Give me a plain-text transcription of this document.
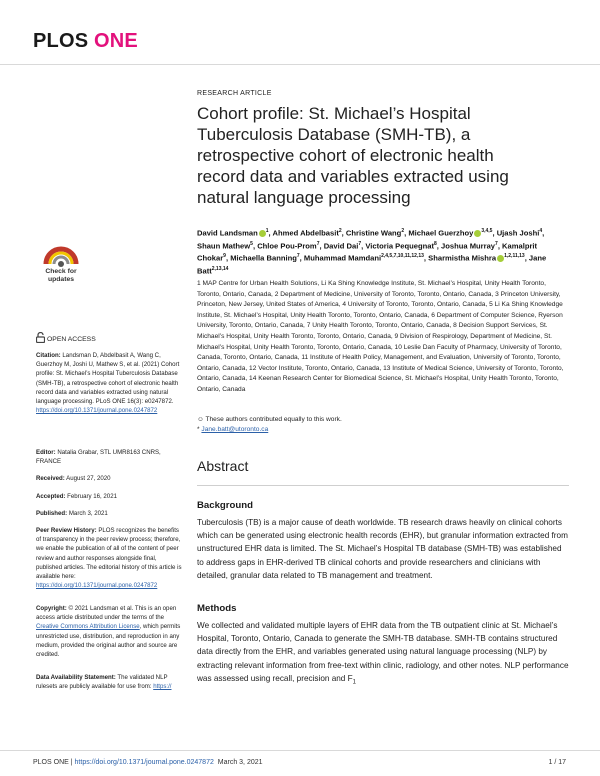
PLOS ONE
Check for
updates
OPEN ACCESS
Citation: Landsman D, Abdelbasit A, Wang C, Guerzhoy M, Joshi U, Mathew S, et al. (2021) Cohort profile: St. Michael’s Hospital Tuberculosis Database (SMH-TB), a retrospective cohort of electronic health record data and variables extracted using natural language processing. PLoS ONE 16(3): e0247872. https://doi.org/10.1371/journal.pone.0247872
Editor: Natalia Grabar, STL UMR8163 CNRS, FRANCE
Received: August 27, 2020
Accepted: February 16, 2021
Published: March 3, 2021
Peer Review History: PLOS recognizes the benefits of transparency in the peer review process; therefore, we enable the publication of all of the content of peer review and author responses alongside final, published articles. The editorial history of this article is available here: https://doi.org/10.1371/journal.pone.0247872
Copyright: © 2021 Landsman et al. This is an open access article distributed under the terms of the Creative Commons Attribution License, which permits unrestricted use, distribution, and reproduction in any medium, provided the original author and source are credited.
Data Availability Statement: The validated NLP rulesets are publicly available for use from: https://
RESEARCH ARTICLE
Cohort profile: St. Michael’s Hospital Tuberculosis Database (SMH-TB), a retrospective cohort of electronic health record data and variables extracted using natural language processing
David Landsman $^1$, Ahmed Abdelbasit$^2$, Christine Wang$^2$, Michael Guerzhoy $^{3,4,5}$, Ujash Joshi$^4$, Shaun Mathew$^5$, Chloe Pou-Prom$^7$, David Dai$^7$, Victoria Pequegnat$^8$, Joshua Murray$^7$, Kamalprit Chokar$^9$, Michaella Banning$^7$, Muhammad Mamdani$^{2,4,5,7,10,11,12,13}$, Sharmistha Mishra $^{1,2,11,13}$, Jane Batt$^{2,13,14}$
1 MAP Centre for Urban Health Solutions, Li Ka Shing Knowledge Institute, St. Michael’s Hospital, Unity Health Toronto, Toronto, Ontario, Canada, 2 Department of Medicine, University of Toronto, Toronto, Ontario, Canada, 3 Princeton University, Princeton, New Jersey, United States of America, 4 University of Toronto, Toronto, Ontario, Canada, 5 Li Ka Shing Knowledge Institute, St. Michael’s Hospital, Unity Health Toronto, Toronto, Ontario, Canada, 6 Department of Computer Science, Ryerson University, Toronto, Ontario, Canada, 7 Unity Health Toronto, Toronto, Ontario, Canada, 8 Decision Support Services, St. Michael’s Hospital, Unity Health Toronto, Toronto, Ontario, Canada, 9 Division of Respirology, Department of Medicine, St. Michael’s Hospital, Unity Health Toronto, Toronto, Ontario, Canada, 10 Leslie Dan Faculty of Pharmacy, University of Toronto, Canada, Toronto, Ontario, Canada, 11 Institute of Health Policy, Management, and Evaluation, University of Toronto, Toronto, Ontario, Canada, 12 Vector Institute, Toronto, Ontario, Canada, 13 Institute of Medical Science, University of Toronto, Toronto, Ontario, Canada, 14 Keenan Research Center for Biomedical Science, St. Michael’s Hospital, Unity Health Toronto, Toronto, Ontario, Canada
☺ These authors contributed equally to this work.
* Jane.batt@utoronto.ca
Abstract
Background
Tuberculosis (TB) is a major cause of death worldwide. TB research draws heavily on clinical cohorts which can be generated using electronic health records (EHR), but granular information extracted from unstructured EHR data is limited. The St. Michael’s Hospital TB database (SMH-TB) was established to address gaps in EHR-derived TB clinical cohorts and provide researchers and clinicians with detailed, granular data related to TB management and treatment.
Methods
We collected and validated multiple layers of EHR data from the TB outpatient clinic at St. Michael’s Hospital, Toronto, Ontario, Canada to generate the SMH-TB database. SMH-TB contains structured data directly from the EHR, and variables generated using natural language processing (NLP) by extracting relevant information from free-text within clinic, radiology, and other notes. NLP performance was assessed using recall, precision and $F_1$
PLOS ONE | https://doi.org/10.1371/journal.pone.0247872 March 3, 2021	1 / 17
